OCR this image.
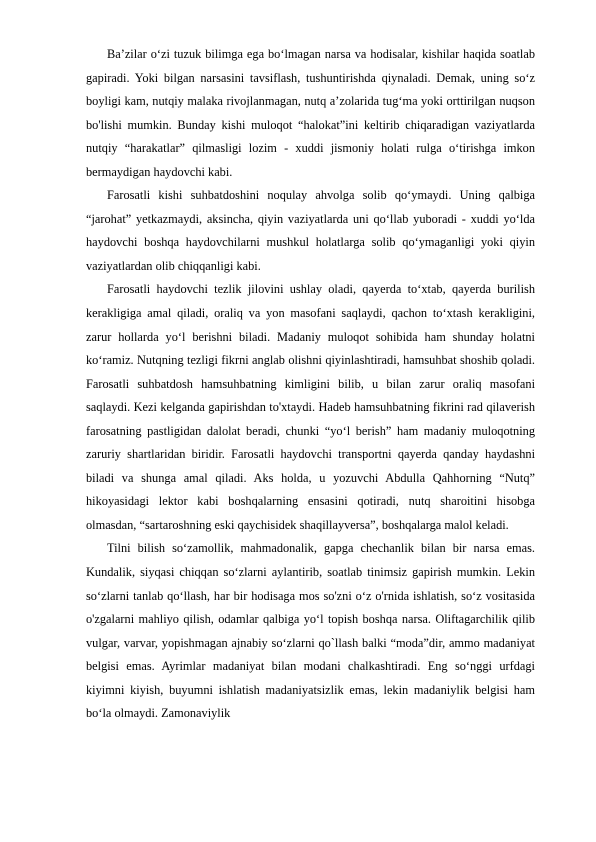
Ba’zilar o‘zi tuzuk bilimga ega bo‘lmagan narsa va hodisalar, kishilar haqida soatlab gapiradi. Yoki bilgan narsasini tavsiflash, tushuntirishda qiynaladi. Demak, uning so‘z boyligi kam, nutqiy malaka rivojlanmagan, nutq a’zolarida tug‘ma yoki orttirilgan nuqson bo'lishi mumkin. Bunday kishi muloqot “halokat”ini keltirib chiqaradigan vaziyatlarda nutqiy “harakatlar” qilmasligi lozim - xuddi jismoniy holati rulga o‘tirishga imkon bermaydigan haydovchi kabi.

Farosatli kishi suhbatdoshini noqulay ahvolga solib qo‘ymaydi. Uning qalbiga “jarohat” yetkazmaydi, aksincha, qiyin vaziyatlarda uni qo‘llab yuboradi - xuddi yo‘lda haydovchi boshqa haydovchilarni mushkul holatlarga solib qo‘ymaganligi yoki qiyin vaziyatlardan olib chiqqanligi kabi.

Farosatli haydovchi tezlik jilovini ushlay oladi, qayerda to‘xtab, qayerda burilish kerakligiga amal qiladi, oraliq va yon masofani saqlaydi, qachon to‘xtash kerakligini, zarur hollarda yo‘l berishni biladi. Madaniy muloqot sohibida ham shunday holatni ko‘ramiz. Nutqning tezligi fikrni anglab olishni qiyinlashtiradi, hamsuhbat shoshib qoladi. Farosatli suhbatdosh hamsuhbatning kimligini bilib, u bilan zarur oraliq masofani saqlaydi. Kezi kelganda gapirishdan to'xtaydi. Hadeb hamsuhbatning fikrini rad qilaverish farosatning pastligidan dalolat beradi, chunki “yo‘l berish” ham madaniy muloqotning zaruriy shartlaridan biridir. Farosatli haydovchi transportni qayerda qanday haydashni biladi va shunga amal qiladi. Aks holda, u yozuvchi Abdulla Qahhorning “Nutq” hikoyasidagi lektor kabi boshqalarning ensasini qotiradi, nutq sharoitini hisobga olmasdan, “sartaroshning eski qaychisidek shaqillayversa”, boshqalarga malol keladi.

Tilni bilish so‘zamollik, mahmadonalik, gapga chechanlik bilan bir narsa emas. Kundalik, siyqasi chiqqan so‘zlarni aylantirib, soatlab tinimsiz gapirish mumkin. Lekin so‘zlarni tanlab qo‘llash, har bir hodisaga mos so'zni o‘z o'rnida ishlatish, so‘z vositasida o'zgalarni mahliyo qilish, odamlar qalbiga yo‘l topish boshqa narsa. Oliftagarchilik qilib vulgar, varvar, yopishmagan ajnabiy so‘zlarni qo`llash balki “moda”dir, ammo madaniyat belgisi emas. Ayrimlar madaniyat bilan modani chalkashtiradi. Eng so‘nggi urfdagi kiyimni kiyish, buyumni ishlatish madaniyatsizlik emas, lekin madaniylik belgisi ham bo‘la olmaydi. Zamonaviylik
